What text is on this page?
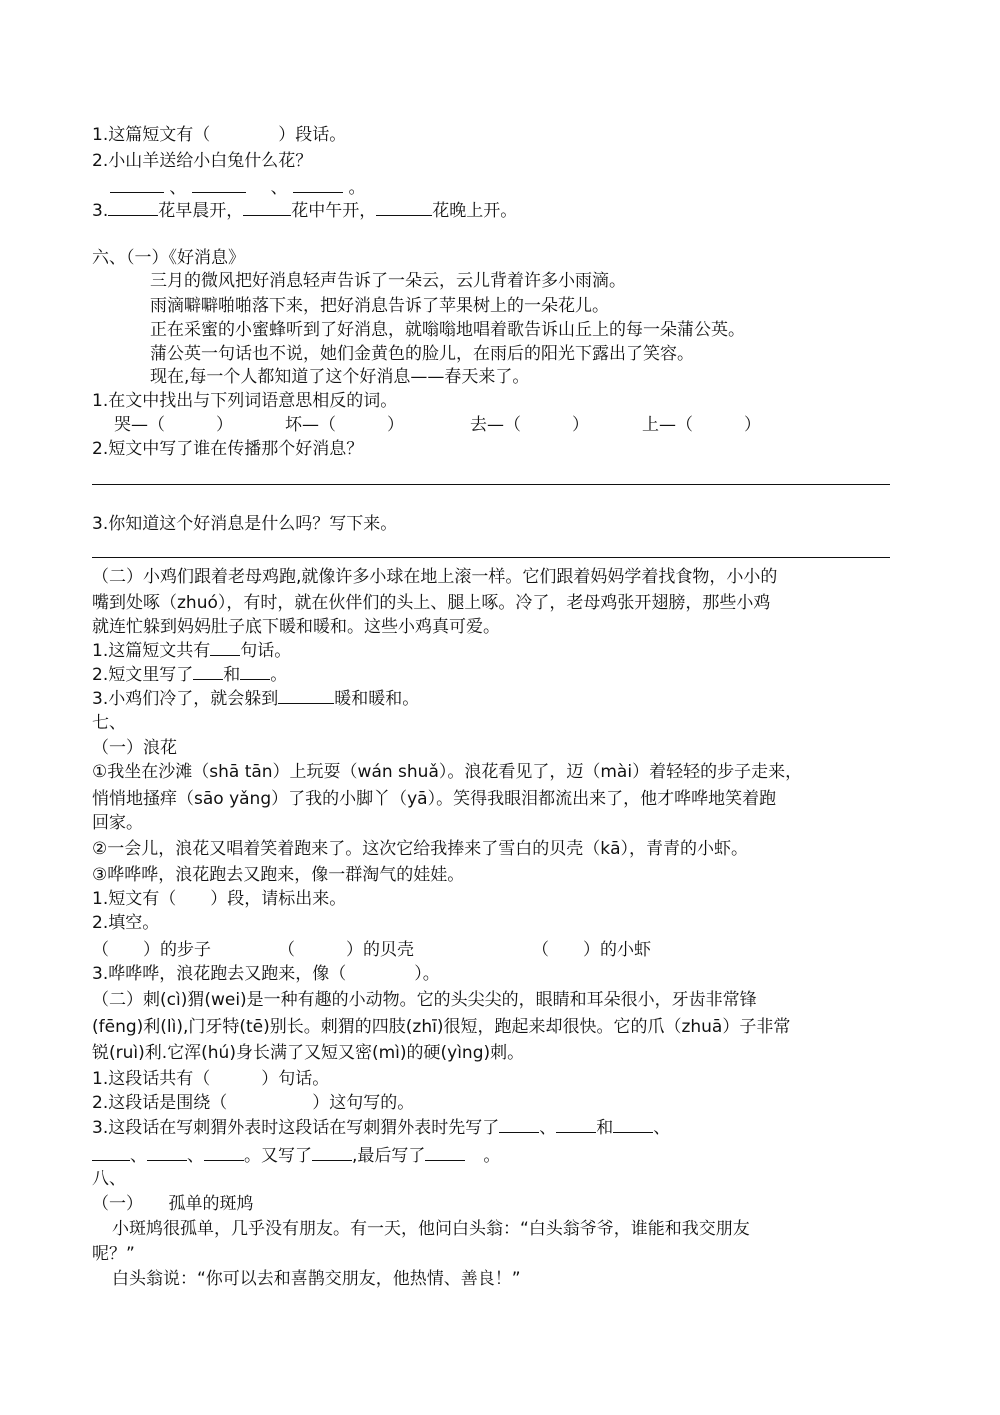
1.这篇短文有（　　　　）段话。
2.小山羊送给小白兔什么花？
、	、	。
3.	花早晨开，	花中午开，	花晚上开。
六、（一）《好消息》
三月的微风把好消息轻声告诉了一朵云，云儿背着许多小雨滴。
雨滴噼噼啪啪落下来，把好消息告诉了苹果树上的一朵花儿。
正在采蜜的小蜜蜂听到了好消息，就嗡嗡地唱着歌告诉山丘上的每一朵蒲公英。
蒲公英一句话也不说，她们金黄色的脸儿，在雨后的阳光下露出了笑容。
现在,每一个人都知道了这个好消息——春天来了。
1.在文中找出与下列词语意思相反的词。
哭—（　　　）	坏—（　　　）	去—（　　　）	上—（　　　）
2.短文中写了谁在传播那个好消息？
3.你知道这个好消息是什么吗？写下来。
（二）小鸡们跟着老母鸡跑,就像许多小球在地上滚一样。它们跟着妈妈学着找食物，小小的
嘴到处啄（zhuó），有时，就在伙伴们的头上、腿上啄。冷了，老母鸡张开翅膀，那些小鸡
就连忙躲到妈妈肚子底下暖和暖和。这些小鸡真可爱。
1.这篇短文共有 句话。
2.短文里写了 和 。
3.小鸡们冷了，就会躲到	暖和暖和。
七、
（一）浪花
①我坐在沙滩（shā tān）上玩耍（wán shuǎ）。浪花看见了，迈（mài）着轻轻的步子走来，
悄悄地搔痒（sāo yǎng）了我的小脚丫（yā）。笑得我眼泪都流出来了，他才哗哗地笑着跑
回家。
②一会儿，浪花又唱着笑着跑来了。这次它给我捧来了雪白的贝壳（kā），青青的小虾。
③哗哗哗，浪花跑去又跑来，像一群淘气的娃娃。
1.短文有（　　）段，请标出来。
2.填空。
（　　）的步子	（　　　）的贝壳	（　　）的小虾
3.哗哗哗，浪花跑去又跑来，像（　　　　）。
（二）刺(cì)猬(wei)是一种有趣的小动物。它的头尖尖的，眼睛和耳朵很小，牙齿非常锋
(fēng)利(lì),门牙特(tē)别长。刺猬的四肢(zhī)很短，跑起来却很快。它的爪（zhuā）子非常
锐(ruì)利.它浑(hú)身长满了又短又密(mì)的硬(yìng)刺。
1.这段话共有（　　　）句话。
2.这段话是围绕（　　　　　）这句写的。
3.这段话在写刺猬外表时这段话在写刺猬外表时先写了 、 和 、
、 、 。又写了 ,最后写了	。
八、
（一）　　孤单的斑鸠
小斑鸠很孤单，几乎没有朋友。有一天，他问白头翁：“白头翁爷爷，谁能和我交朋友
呢？”
白头翁说：“你可以去和喜鹊交朋友，他热情、善良！”
